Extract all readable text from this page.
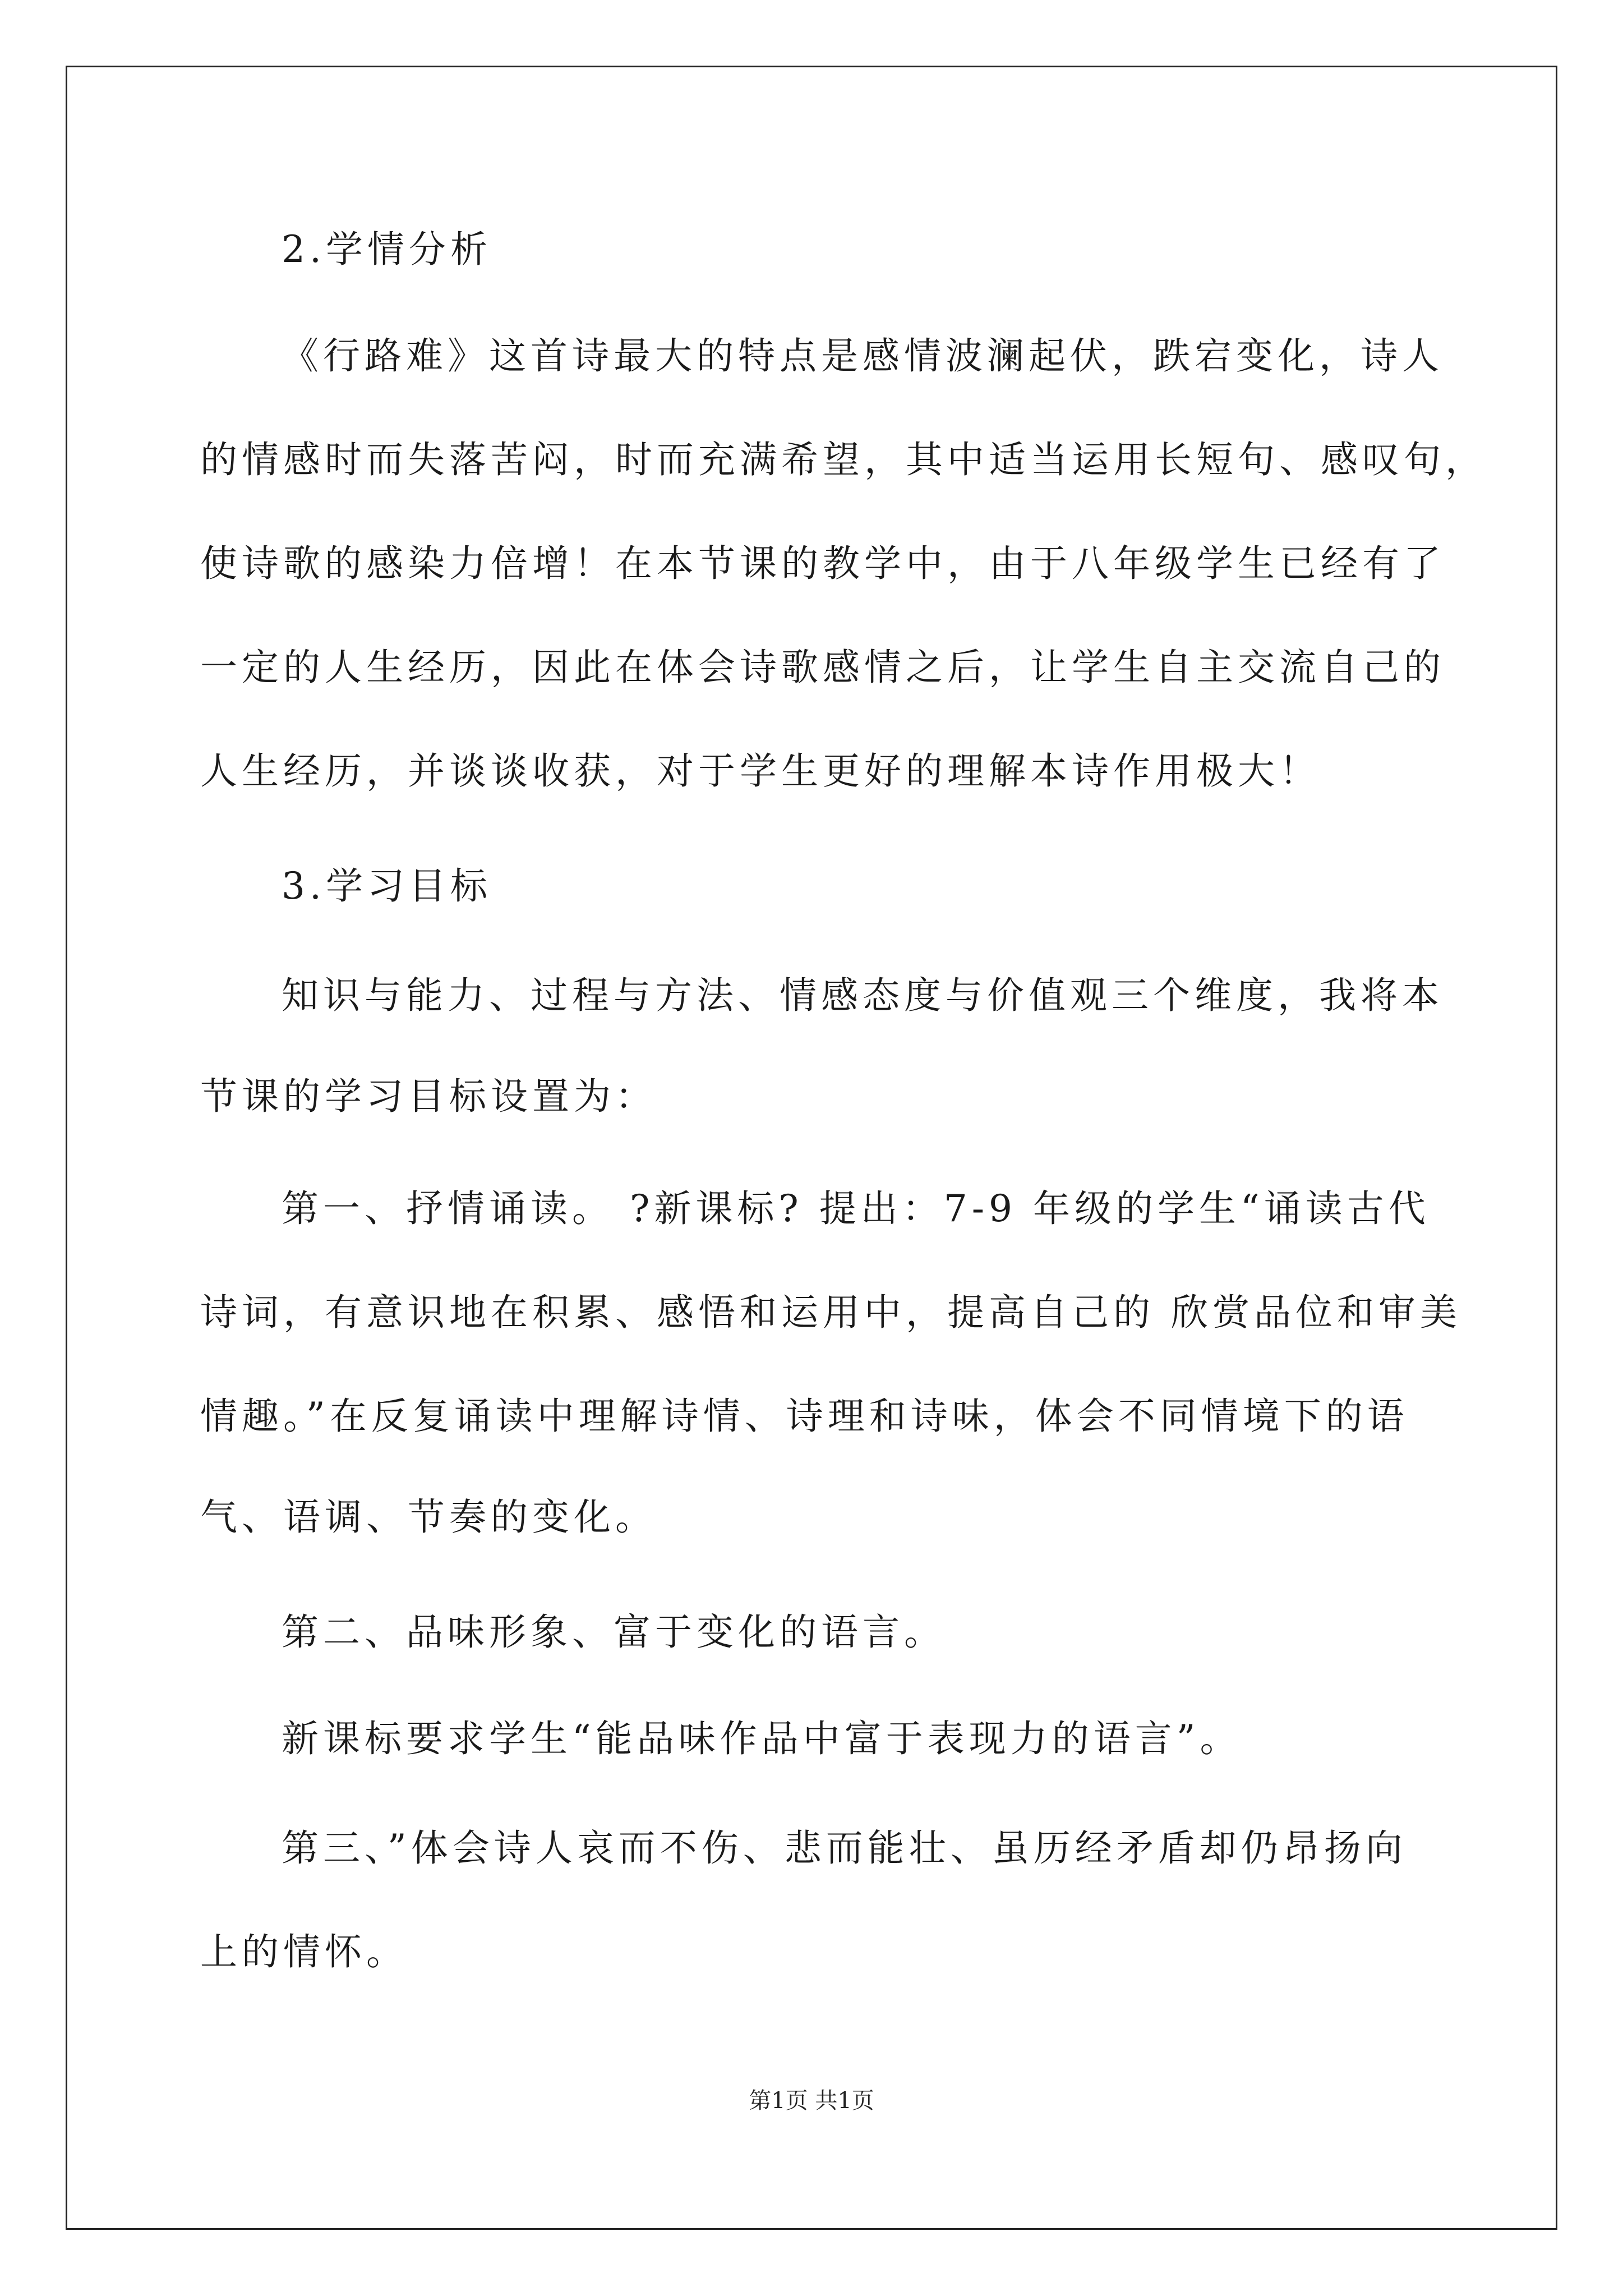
2.学情分析
《行路难》这首诗最大的特点是感情波澜起伏，跌宕变化，诗人
的情感时而失落苦闷，时而充满希望，其中适当运用长短句、感叹句，
使诗歌的感染力倍增！在本节课的教学中，由于八年级学生已经有了
一定的人生经历，因此在体会诗歌感情之后，让学生自主交流自己的
人生经历，并谈谈收获，对于学生更好的理解本诗作用极大！
3.学习目标
知识与能力、过程与方法、情感态度与价值观三个维度，我将本
节课的学习目标设置为：
第一、抒情诵读。 ?新课标? 提出：7-9 年级的学生“诵读古代
诗词，有意识地在积累、感悟和运用中，提高自己的 欣赏品位和审美
情趣。”在反复诵读中理解诗情、诗理和诗味，体会不同情境下的语
气、语调、节奏的变化。
第二、品味形象、富于变化的语言。
新课标要求学生“能品味作品中富于表现力的语言”。
第三、”体会诗人哀而不伤、悲而能壮、虽历经矛盾却仍昂扬向
上的情怀。
第1页 共1页
